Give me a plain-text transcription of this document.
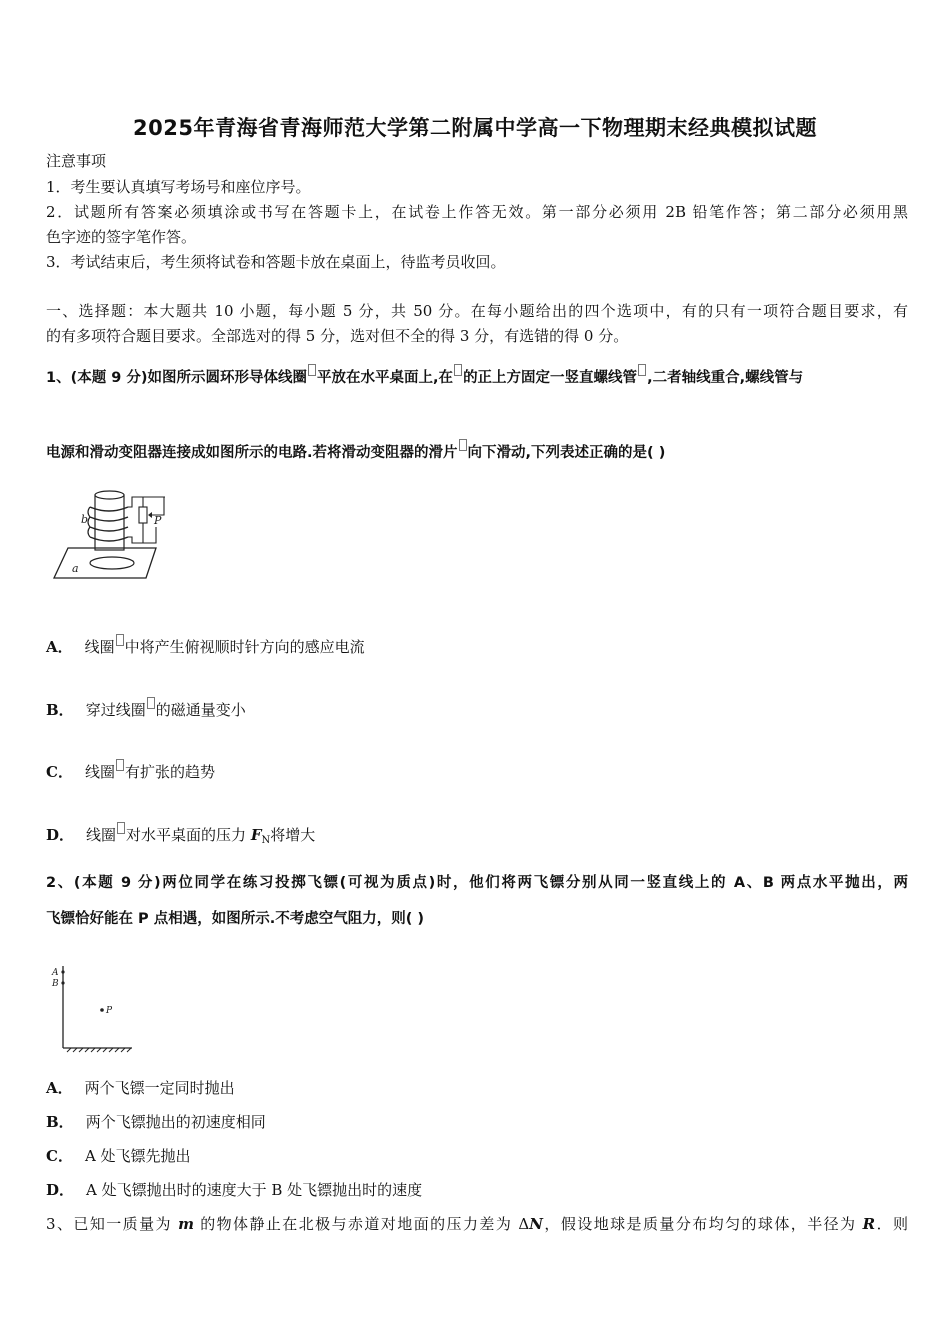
2025年青海省青海师范大学第二附属中学高一下物理期末经典模拟试题
注意事项
1．考生要认真填写考场号和座位序号。
2．试题所有答案必须填涂或书写在答题卡上，在试卷上作答无效。第一部分必须用 2B 铅笔作答；第二部分必须用黑
色字迹的签字笔作答。
3．考试结束后，考生须将试卷和答题卡放在桌面上，待监考员收回。
一、选择题：本大题共 10 小题，每小题 5 分，共 50 分。在每小题给出的四个选项中，有的只有一项符合题目要求，有
的有多项符合题目要求。全部选对的得 5 分，选对但不全的得 3 分，有选错的得 0 分。
1、(本题 9 分)如图所示圆环形导体线圈 平放在水平桌面上,在 的正上方固定一竖直螺线管 ,二者轴线重合,螺线管与
电源和滑动变阻器连接成如图所示的电路.若将滑动变阻器的滑片 向下滑动,下列表述正确的是( )
b	P
a
A． 线圈 中将产生俯视顺时针方向的感应电流
B． 穿过线圈 的磁通量变小
C． 线圈 有扩张的趋势
D． 线圈 对水平桌面的压力 $F_N$将增大
2、(本题 9 分)两位同学在练习投掷飞镖(可视为质点)时，他们将两飞镖分别从同一竖直线上的 A、B 两点水平抛出，两
飞镖恰好能在 P 点相遇，如图所示.不考虑空气阻力，则( )
A
B
P
A． 两个飞镖一定同时抛出
B． 两个飞镖抛出的初速度相同
C． A 处飞镖先抛出
D． A 处飞镖抛出时的速度大于 B 处飞镖抛出时的速度
3、已知一质量为 m 的物体静止在北极与赤道对地面的压力差为 ΔN，假设地球是质量分布均匀的球体，半径为 R．则
